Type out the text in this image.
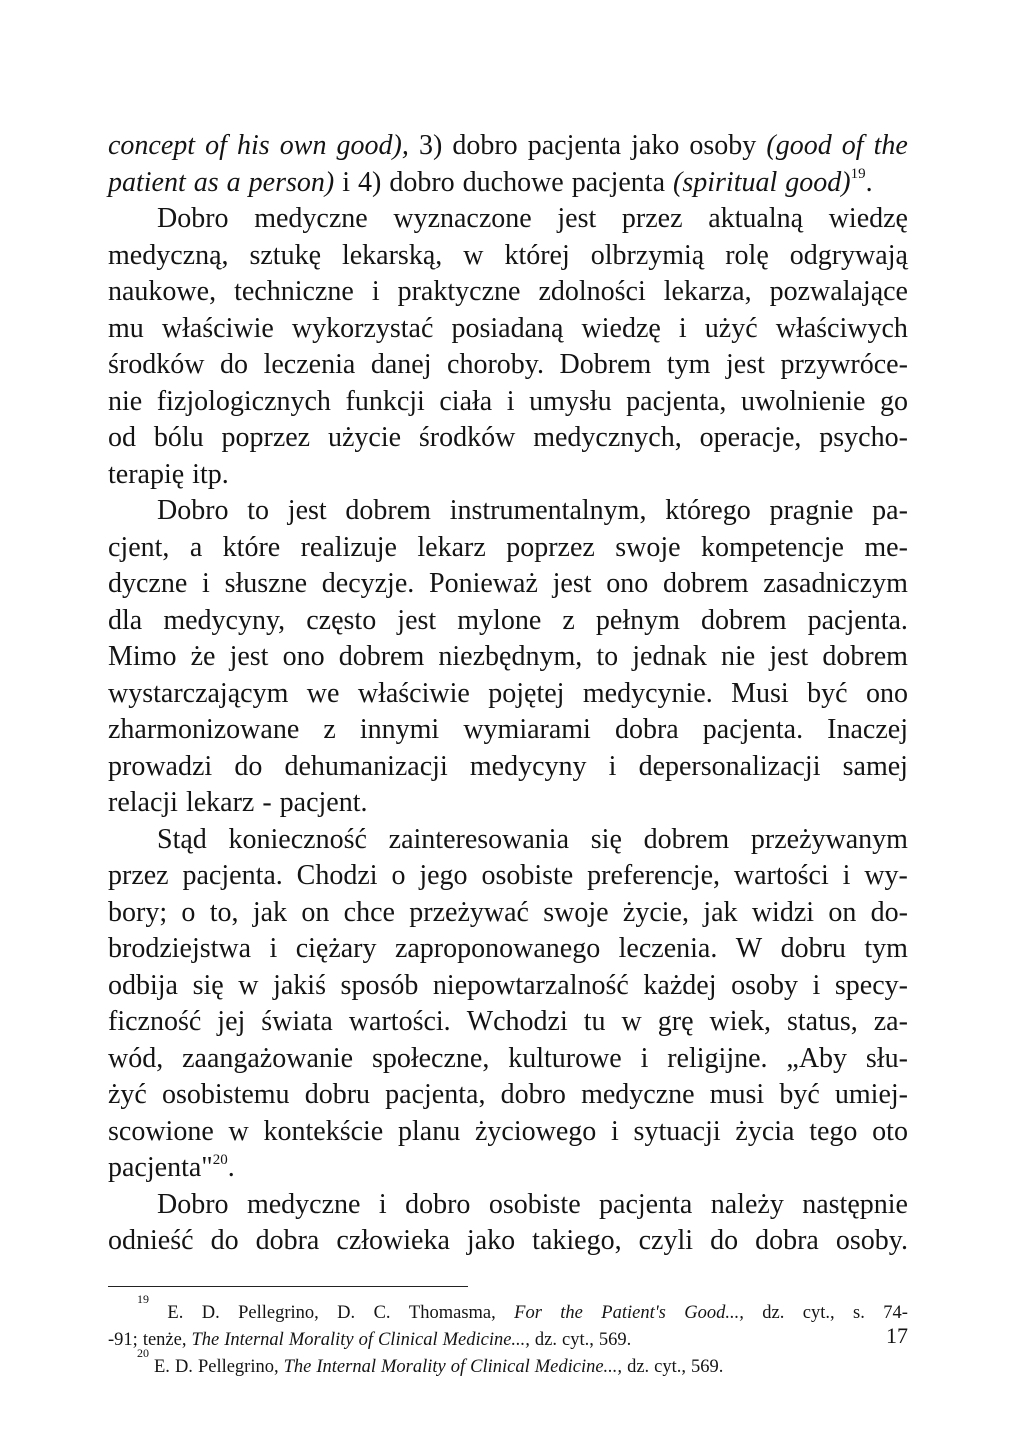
concept of his own good), 3) dobro pacjenta jako osoby (good of the
patient as a person) i 4) dobro duchowe pacjenta (spiritual good)$^{19}$.
Dobro medyczne wyznaczone jest przez aktualną wiedzę
medyczną, sztukę lekarską, w której olbrzymią rolę odgrywają
naukowe, techniczne i praktyczne zdolności lekarza, pozwalające
mu właściwie wykorzystać posiadaną wiedzę i użyć właściwych
środków do leczenia danej choroby. Dobrem tym jest przywróce-
nie fizjologicznych funkcji ciała i umysłu pacjenta, uwolnienie go
od bólu poprzez użycie środków medycznych, operacje, psycho-
terapię itp.
Dobro to jest dobrem instrumentalnym, którego pragnie pa-
cjent, a które realizuje lekarz poprzez swoje kompetencje me-
dyczne i słuszne decyzje. Ponieważ jest ono dobrem zasadniczym
dla medycyny, często jest mylone z pełnym dobrem pacjenta.
Mimo że jest ono dobrem niezbędnym, to jednak nie jest dobrem
wystarczającym we właściwie pojętej medycynie. Musi być ono
zharmonizowane z innymi wymiarami dobra pacjenta. Inaczej
prowadzi do dehumanizacji medycyny i depersonalizacji samej
relacji lekarz - pacjent.
Stąd konieczność zainteresowania się dobrem przeżywanym
przez pacjenta. Chodzi o jego osobiste preferencje, wartości i wy-
bory; o to, jak on chce przeżywać swoje życie, jak widzi on do-
brodziejstwa i ciężary zaproponowanego leczenia. W dobru tym
odbija się w jakiś sposób niepowtarzalność każdej osoby i specy-
ficzność jej świata wartości. Wchodzi tu w grę wiek, status, za-
wód, zaangażowanie społeczne, kulturowe i religijne. „Aby słu-
żyć osobistemu dobru pacjenta, dobro medyczne musi być umiej-
scowione w kontekście planu życiowego i sytuacji życia tego oto
pacjenta"$^{20}$.
Dobro medyczne i dobro osobiste pacjenta należy następnie
odnieść do dobra człowieka jako takiego, czyli do dobra osoby.
$^{19}$
E. D. Pellegrino, D. C. Thomasma, For the Patient's Good..., dz. cyt., s. 74-
-91; tenże, The Internal Morality of Clinical Medicine..., dz. cyt., 569.
$^{20}$
E. D. Pellegrino, The Internal Morality of Clinical Medicine..., dz. cyt., 569.
17
